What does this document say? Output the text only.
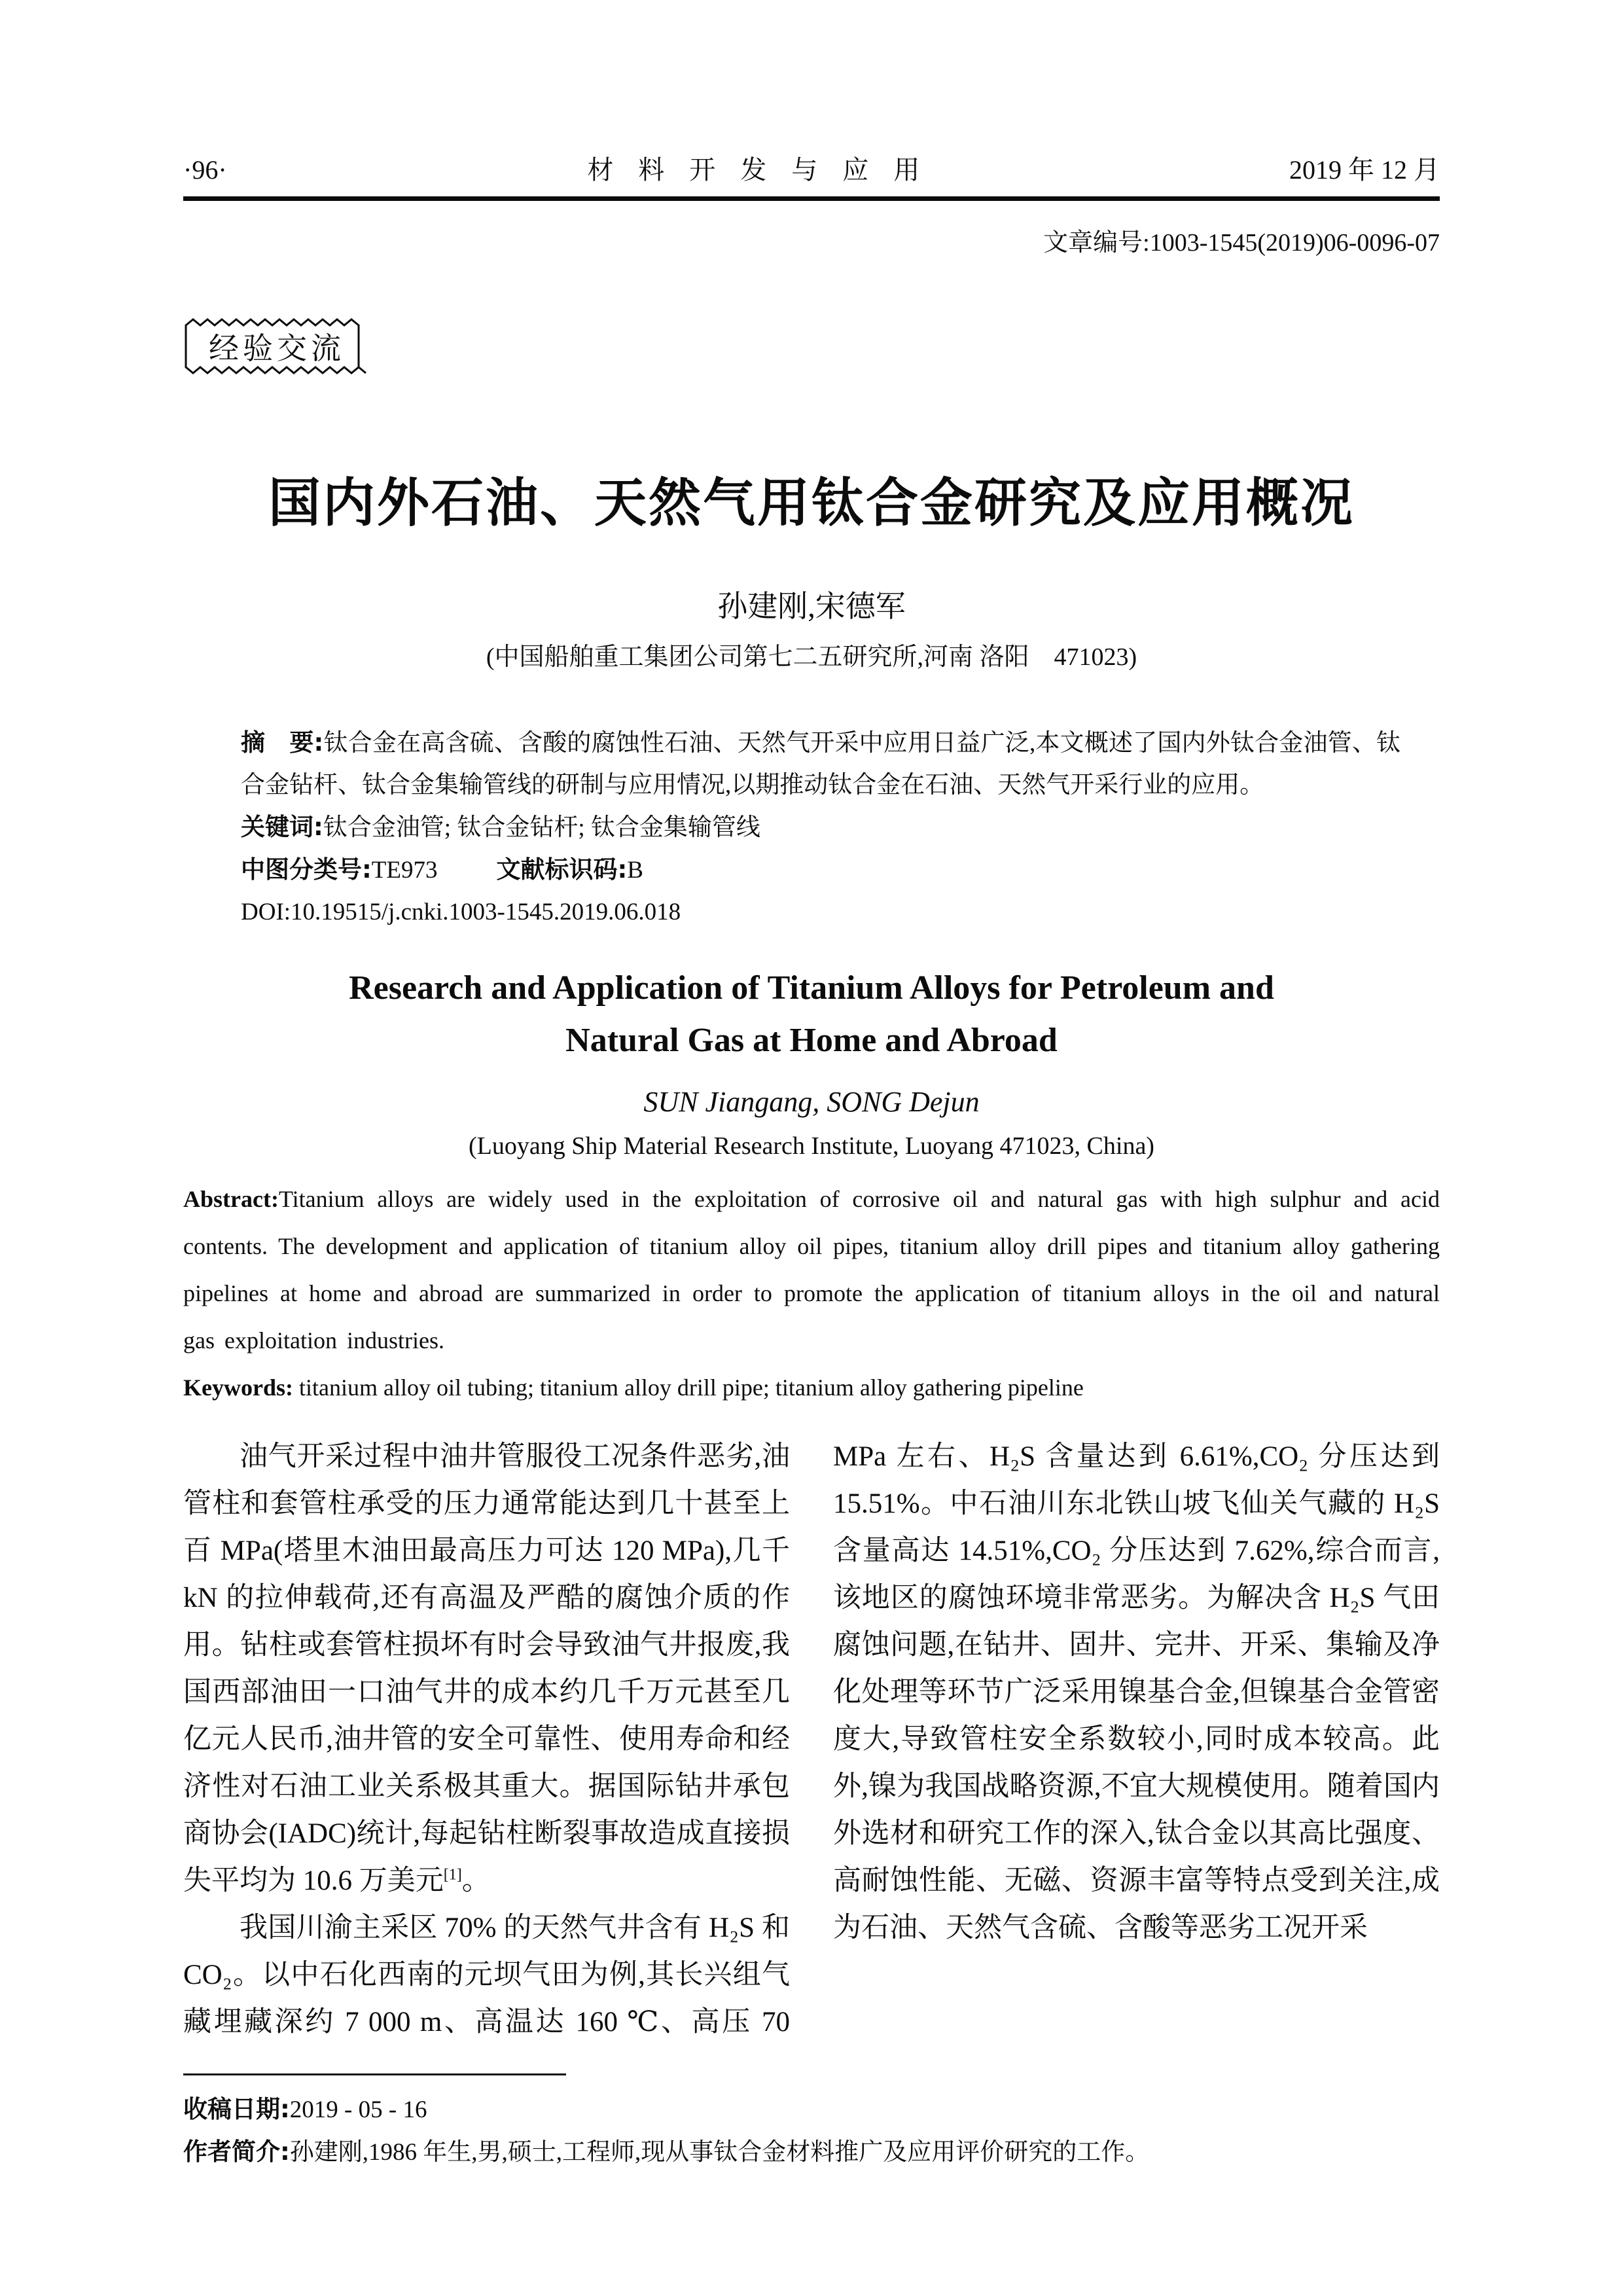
·96·	材 料 开 发 与 应 用	2019 年 12 月
文章编号:1003-1545(2019)06-0096-07
经验交流
国内外石油、天然气用钛合金研究及应用概况
孙建刚,宋德军
(中国船舶重工集团公司第七二五研究所,河南 洛阳　471023)

摘　要:钛合金在高含硫、含酸的腐蚀性石油、天然气开采中应用日益广泛,本文概述了国内外钛合金油管、钛合金钻杆、钛合金集输管线的研制与应用情况,以期推动钛合金在石油、天然气开采行业的应用。

关键词:钛合金油管; 钛合金钻杆; 钛合金集输管线

中图分类号:TE973 文献标识码:B

DOI:10.19515/j.cnki.1003-1545.2019.06.018

Research and Application of Titanium Alloys for Petroleum and
Natural Gas at Home and Abroad
SUN Jiangang, SONG Dejun
(Luoyang Ship Material Research Institute, Luoyang 471023, China)

Abstract:Titanium alloys are widely used in the exploitation of corrosive oil and natural gas with high sulphur and acid contents. The development and application of titanium alloy oil pipes, titanium alloy drill pipes and titanium alloy gathering pipelines at home and abroad are summarized in order to promote the application of titanium alloys in the oil and natural gas exploitation industries.

Keywords: titanium alloy oil tubing; titanium alloy drill pipe; titanium alloy gathering pipeline

油气开采过程中油井管服役工况条件恶劣,油管柱和套管柱承受的压力通常能达到几十甚至上百 MPa(塔里木油田最高压力可达 120 MPa),几千 kN 的拉伸载荷,还有高温及严酷的腐蚀介质的作用。钻柱或套管柱损坏有时会导致油气井报废,我国西部油田一口油气井的成本约几千万元甚至几亿元人民币,油井管的安全可靠性、使用寿命和经济性对石油工业关系极其重大。据国际钻井承包商协会(IADC)统计,每起钻柱断裂事故造成直接损失平均为 10.6 万美元[1]。

我国川渝主采区 70% 的天然气井含有 H₂S 和 CO₂。以中石化西南的元坝气田为例,其长兴组气藏埋藏深约 7 000 m、高温达 160 ℃、高压 70 MPa 左右、H₂S 含量达到 6.61%,CO₂ 分压达到 15.51%。中石油川东北铁山坡飞仙关气藏的 H₂S 含量高达 14.51%,CO₂ 分压达到 7.62%,综合而言,该地区的腐蚀环境非常恶劣。为解决含 H₂S 气田腐蚀问题,在钻井、固井、完井、开采、集输及净化处理等环节广泛采用镍基合金,但镍基合金管密度大,导致管柱安全系数较小,同时成本较高。此外,镍为我国战略资源,不宜大规模使用。随着国内外选材和研究工作的深入,钛合金以其高比强度、高耐蚀性能、无磁、资源丰富等特点受到关注,成为石油、天然气含硫、含酸等恶劣工况开采

收稿日期:2019 - 05 - 16

作者简介:孙建刚,1986 年生,男,硕士,工程师,现从事钛合金材料推广及应用评价研究的工作。
